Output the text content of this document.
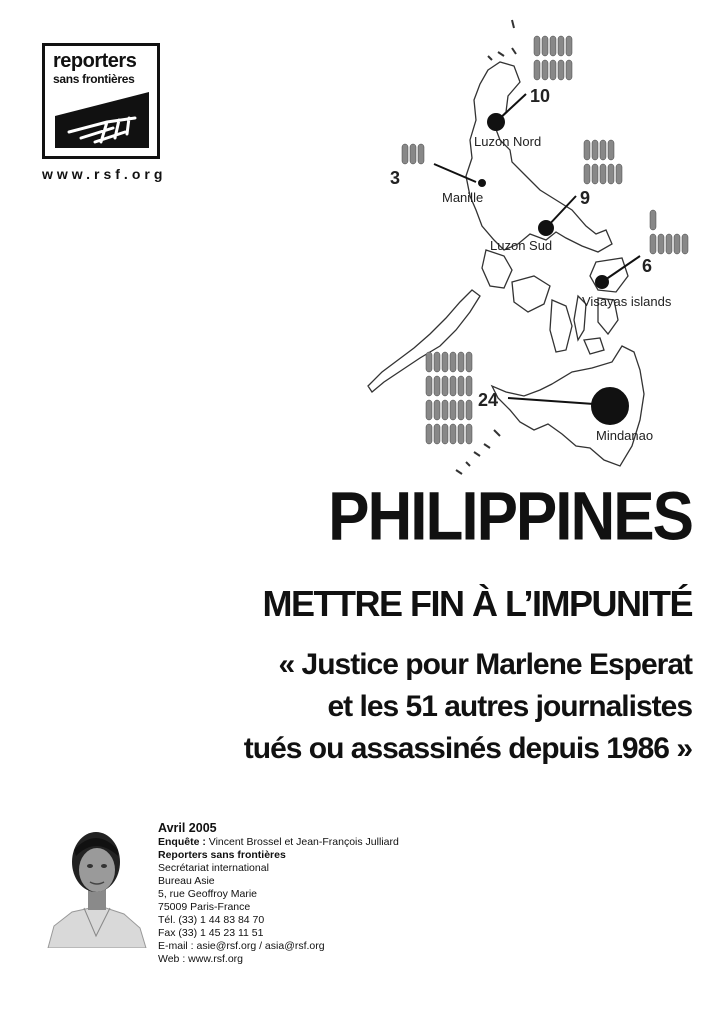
reporters
sans frontières
www.rsf.org
10
3
9
6
24
Luzon Nord
Manille
Luzon Sud
Visayas islands
Mindanao
PHILIPPINES
METTRE FIN À L’IMPUNITÉ
« Justice pour Marlene Esperat
et les 51 autres journalistes
tués ou assassinés depuis 1986 »
Avril 2005
Enquête : Vincent Brossel et Jean-François Julliard
Reporters sans frontières
Secrétariat international
Bureau Asie
5, rue Geoffroy Marie
75009 Paris-France
Tél. (33) 1 44 83 84 70
Fax (33) 1 45 23 11 51
E-mail : asie@rsf.org / asia@rsf.org
Web : www.rsf.org
